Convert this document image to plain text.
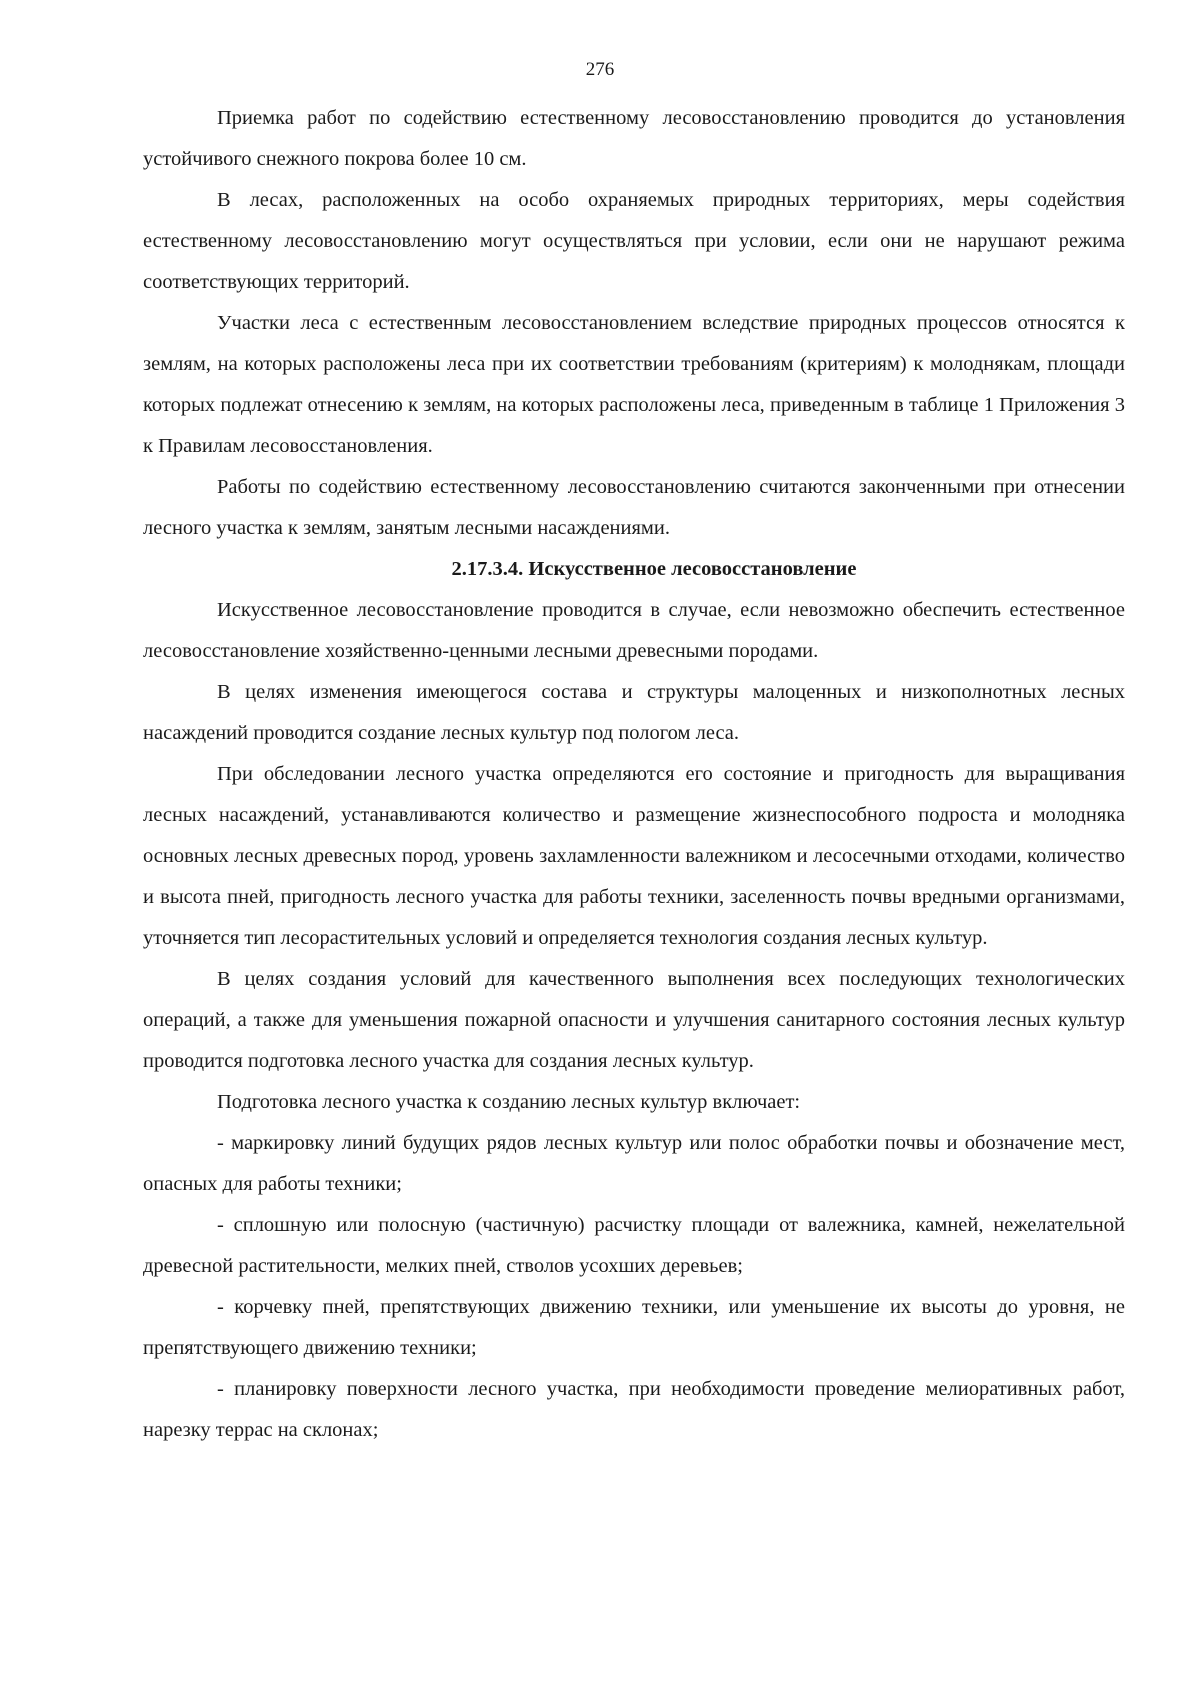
276

Приемка работ по содействию естественному лесовосстановлению проводится до установления устойчивого снежного покрова более 10 см.

В лесах, расположенных на особо охраняемых природных территориях, меры содействия естественному лесовосстановлению могут осуществляться при условии, если они не нарушают режима соответствующих территорий.

Участки леса с естественным лесовосстановлением вследствие природных процессов относятся к землям, на которых расположены леса при их соответствии требованиям (критериям) к молоднякам, площади которых подлежат отнесению к землям, на которых расположены леса, приведенным в таблице 1 Приложения 3 к Правилам лесовосстановления.

Работы по содействию естественному лесовосстановлению считаются законченными при отнесении лесного участка к землям, занятым лесными насаждениями.

2.17.3.4. Искусственное лесовосстановление

Искусственное лесовосстановление проводится в случае, если невозможно обеспечить естественное лесовосстановление хозяйственно-ценными лесными древесными породами.

В целях изменения имеющегося состава и структуры малоценных и низкополнотных лесных насаждений проводится создание лесных культур под пологом леса.

При обследовании лесного участка определяются его состояние и пригодность для выращивания лесных насаждений, устанавливаются количество и размещение жизнеспособного подроста и молодняка основных лесных древесных пород, уровень захламленности валежником и лесосечными отходами, количество и высота пней, пригодность лесного участка для работы техники, заселенность почвы вредными организмами, уточняется тип лесорастительных условий и определяется технология создания лесных культур.

В целях создания условий для качественного выполнения всех последующих технологических операций, а также для уменьшения пожарной опасности и улучшения санитарного состояния лесных культур проводится подготовка лесного участка для создания лесных культур.

Подготовка лесного участка к созданию лесных культур включает:

- маркировку линий будущих рядов лесных культур или полос обработки почвы и обозначение мест, опасных для работы техники;

- сплошную или полосную (частичную) расчистку площади от валежника, камней, нежелательной древесной растительности, мелких пней, стволов усохших деревьев;

- корчевку пней, препятствующих движению техники, или уменьшение их высоты до уровня, не препятствующего движению техники;

- планировку поверхности лесного участка, при необходимости проведение мелиоративных работ, нарезку террас на склонах;
